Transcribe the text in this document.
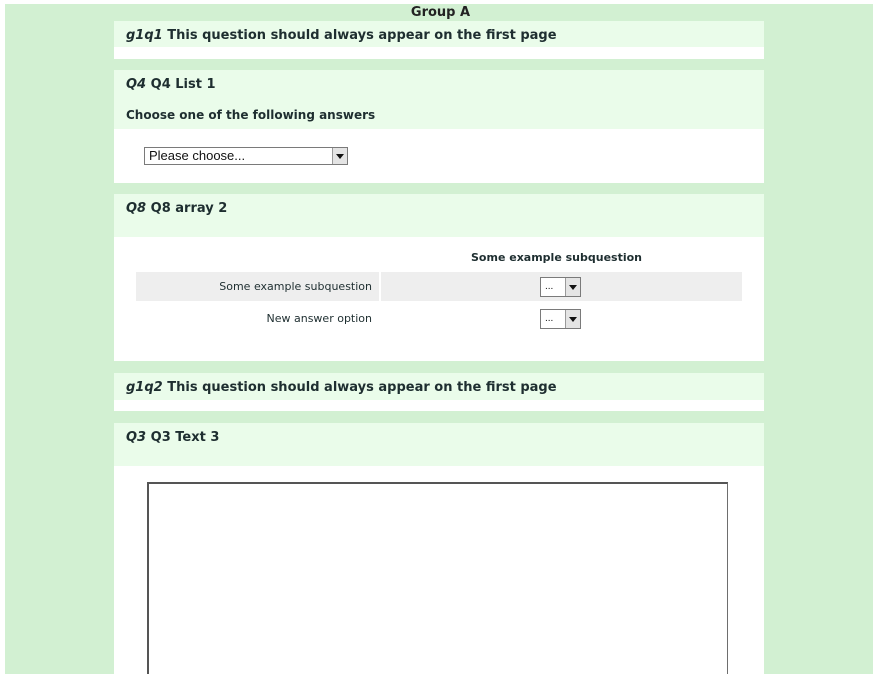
Group A
g1q1 This question should always appear on the first page
Q4 Q4 List 1
Choose one of the following answers
Please choose...
Q8 Q8 array 2
Some example subquestion
Some example subquestion	...
New answer option	...
g1q2 This question should always appear on the first page
Q3 Q3 Text 3
